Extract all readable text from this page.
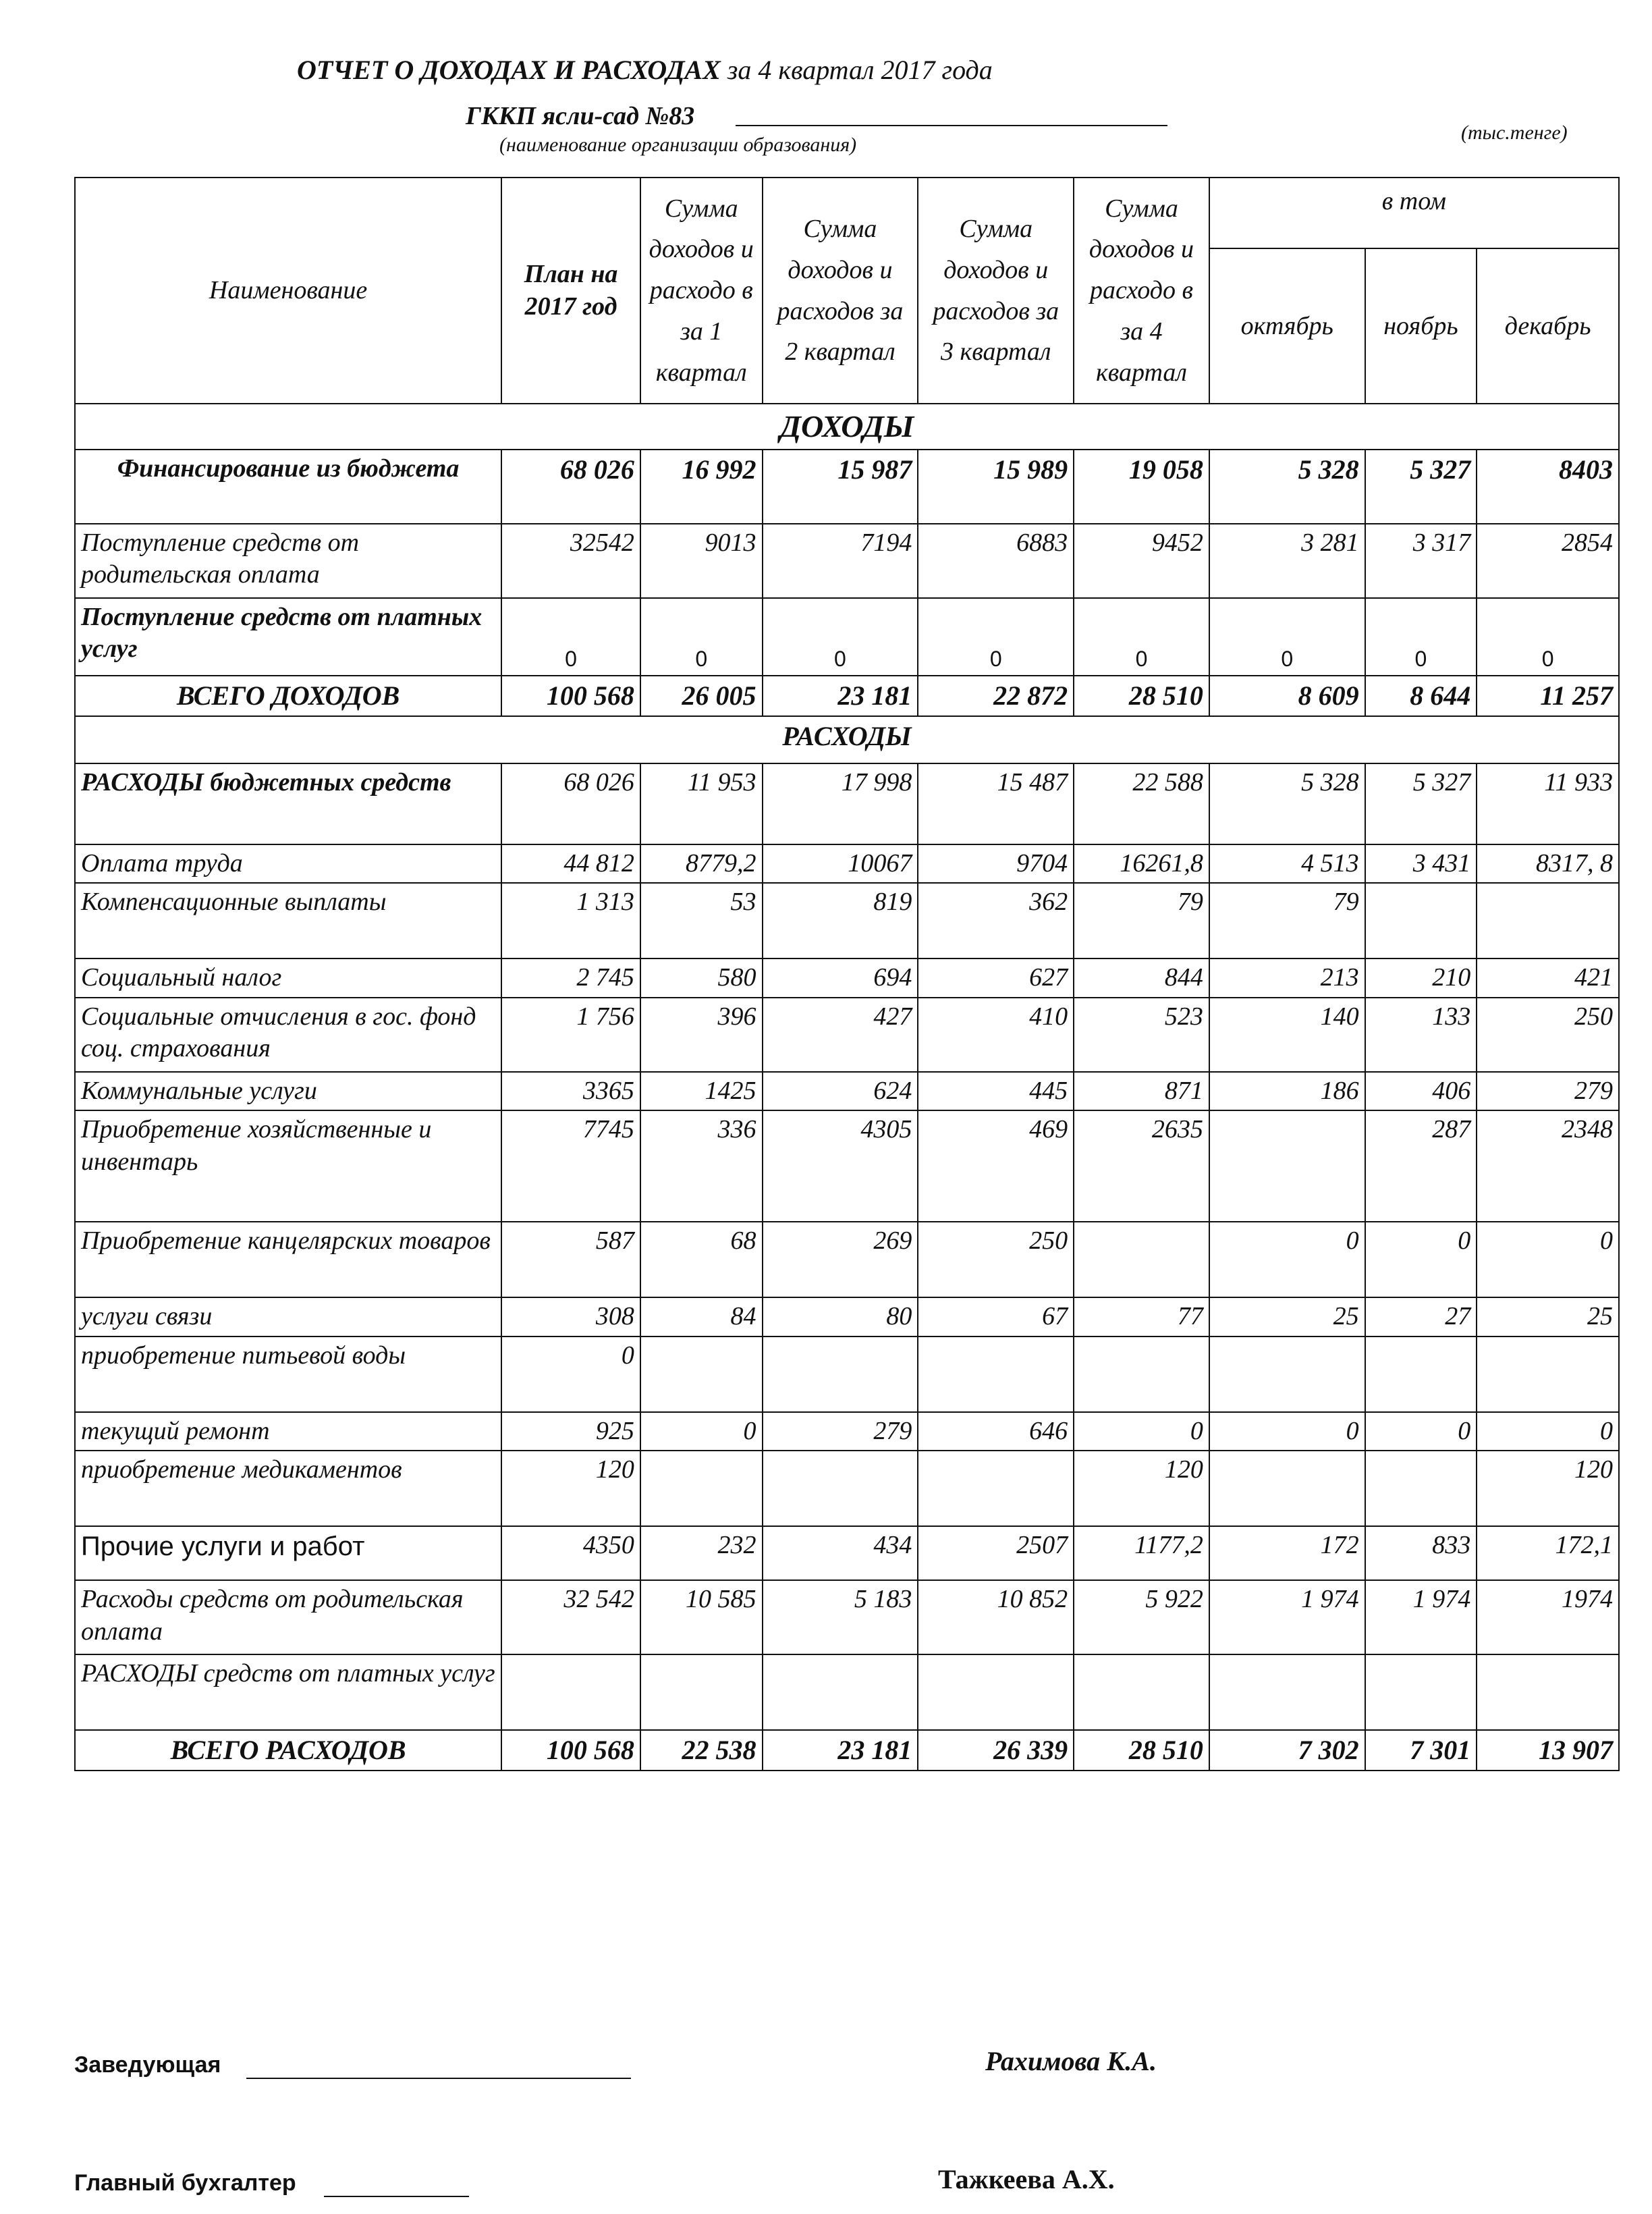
ОТЧЕТ О ДОХОДАХ И РАСХОДАХ за 4 квартал 2017 года
ГККП ясли-сад №83
(наименование организации образования)
(тыс.тенге)
Наименование	План на 2017 год	Сумма доходов и расходо в за 1 квартал	Сумма доходов и расходов за 2 квартал	Сумма доходов и расходов за 3 квартал	Сумма доходов и расходо в за 4 квартал	в том		
						октябрь	ноябрь	декабрь
ДОХОДЫ								
Финансирование из бюджета	68 026	16 992	15 987	15 989	19 058	5 328	5 327	8403
Поступление средств от родительская оплата	32542	9013	7194	6883	9452	3 281	3 317	2854
Поступление средств от платных услуг	0	0	0	0	0	0	0	0
ВСЕГО ДОХОДОВ	100 568	26 005	23 181	22 872	28 510	8 609	8 644	11 257
РАСХОДЫ								
РАСХОДЫ бюджетных средств	68 026	11 953	17 998	15 487	22 588	5 328	5 327	11 933
Оплата труда	44 812	8779,2	10067	9704	16261,8	4 513	3 431	8317, 8
Компенсационные выплаты	1 313	53	819	362	79	79		
Социальный налог	2 745	580	694	627	844	213	210	421
Социальные отчисления в гос. фонд соц. страхования	1 756	396	427	410	523	140	133	250
Коммунальные услуги	3365	1425	624	445	871	186	406	279
Приобретение хозяйственные и инвентарь	7745	336	4305	469	2635		287	2348
Приобретение канцелярских товаров	587	68	269	250		0	0	0
услуги связи	308	84	80	67	77	25	27	25
приобретение питьевой воды	0							
текущий ремонт	925	0	279	646	0	0	0	0
приобретение медикаментов	120				120			120
Прочие услуги и работ	4350	232	434	2507	1177,2	172	833	172,1
Расходы средств от родительская оплата	32 542	10 585	5 183	10 852	5 922	1 974	1 974	1974
РАСХОДЫ средств от платных услуг								
ВСЕГО РАСХОДОВ	100 568	22 538	23 181	26 339	28 510	7 302	7 301	13 907
Заведующая	Рахимова К.А.
Главный бухгалтер	Тажкеева А.Х.
